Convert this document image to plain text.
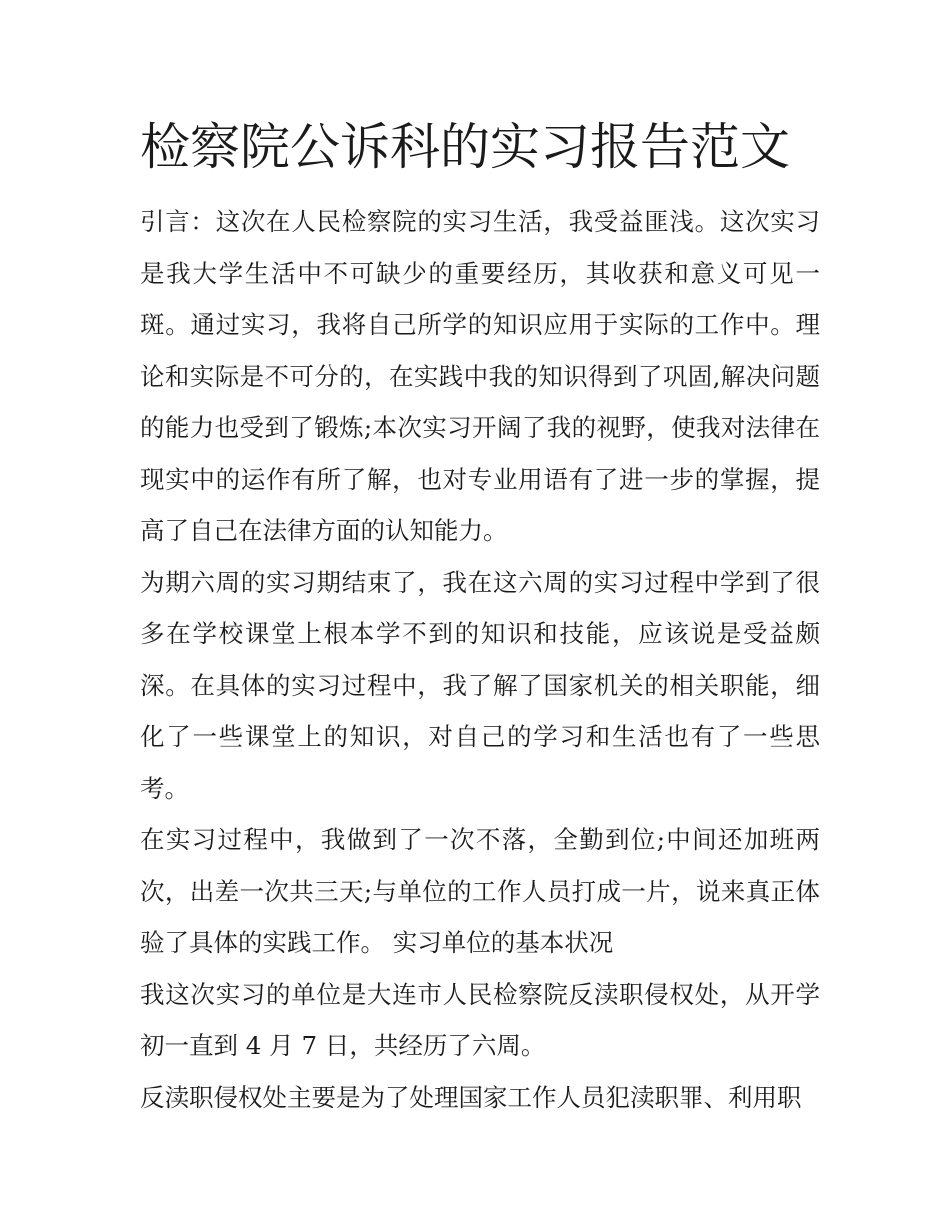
检察院公诉科的实习报告范文

引言：这次在人民检察院的实习生活，我受益匪浅。这次实习是我大学生活中不可缺少的重要经历，其收获和意义可见一斑。通过实习，我将自己所学的知识应用于实际的工作中。理论和实际是不可分的，在实践中我的知识得到了巩固,解决问题的能力也受到了锻炼;本次实习开阔了我的视野，使我对法律在现实中的运作有所了解，也对专业用语有了进一步的掌握，提高了自己在法律方面的认知能力。

为期六周的实习期结束了，我在这六周的实习过程中学到了很多在学校课堂上根本学不到的知识和技能，应该说是受益颇深。在具体的实习过程中，我了解了国家机关的相关职能，细化了一些课堂上的知识，对自己的学习和生活也有了一些思考。

在实习过程中，我做到了一次不落，全勤到位;中间还加班两次，出差一次共三天;与单位的工作人员打成一片，说来真正体验了具体的实践工作。 实习单位的基本状况

我这次实习的单位是大连市人民检察院反渎职侵权处，从开学初一直到 4 月 7 日，共经历了六周。

反渎职侵权处主要是为了处理国家工作人员犯渎职罪、利用职
